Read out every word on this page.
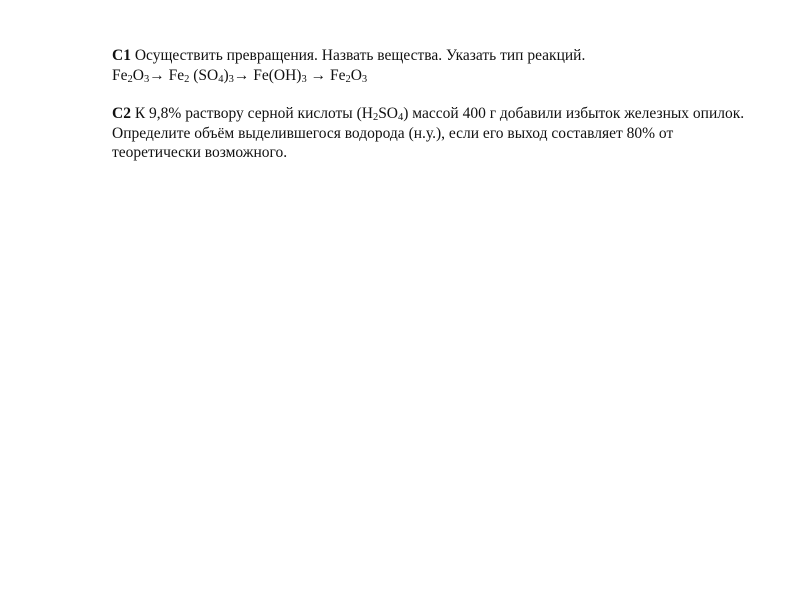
C1 Осуществить превращения. Назвать вещества. Указать тип реакций.
$Fe_2O_3\to Fe_2$ $(SO_4)_3\to Fe(OH)_3 \to Fe_2O_3$
C2 К 9,8% раствору серной кислоты $(H_2SO_4)$ массой 400 г добавили избыток железных опилок.
Определите объём выделившегося водорода (н.у.), если его выход составляет 80% от
теоретически возможного.
